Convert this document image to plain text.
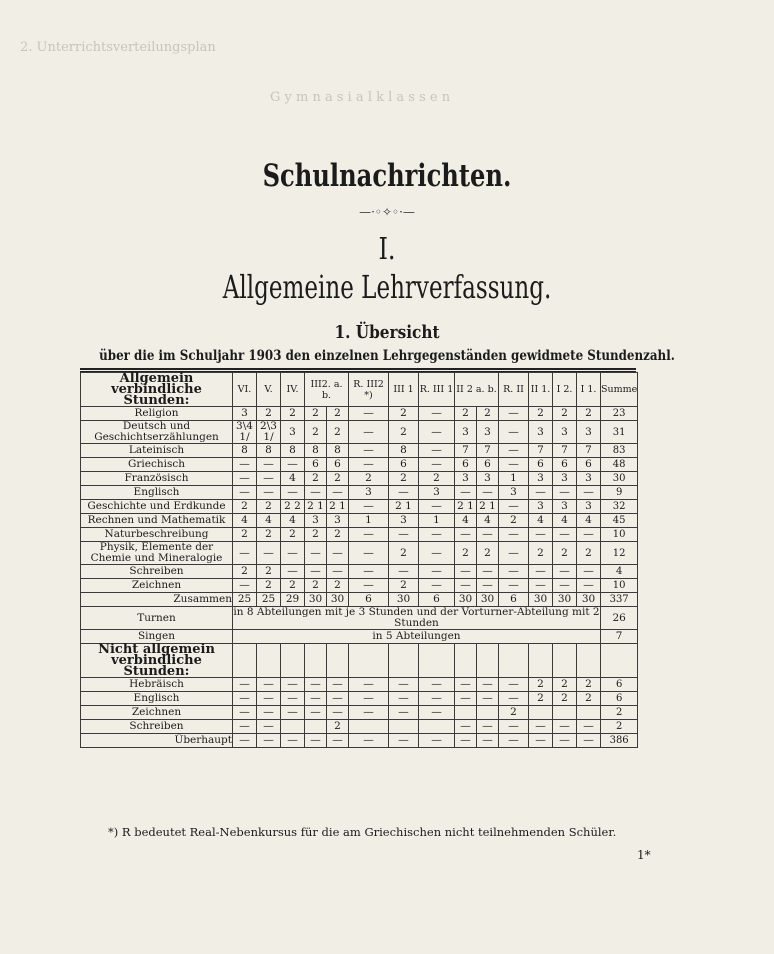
2. Unterrichtsverteilungsplan
G y m n a s i a l k l a s s e n
Schulnachrichten.
—·◦✧◦·—
I.
Allgemeine Lehrverfassung.
1. Übersicht
über die im Schuljahr 1903 den einzelnen Lehrgegenständen gewidmete Stundenzahl.
Allgemein verbindliche Stunden:	VI.	V.	IV.	III2. a. b.		R. III2 *)	III 1	R. III 1	II 2 a. b.		R. II	II 1.	I 2.	I 1.	Summe
Religion	3	2	2	2	2	—	2	—	2	2	—	2	2	2	23
Deutsch und Geschichtserzählungen	3\4 1/	2\3 1/	3	2	2	—	2	—	3	3	—	3	3	3	31
Lateinisch	8	8	8	8	8	—	8	—	7	7	—	7	7	7	83
Griechisch	—	—	—	6	6	—	6	—	6	6	—	6	6	6	48
Französisch	—	—	4	2	2	2	2	2	3	3	1	3	3	3	30
Englisch	—	—	—	—	—	3	—	3	—	—	3	—	—	—	9
Geschichte und Erdkunde	2	2	2 2	2 1	2 1	—	2 1	—	2 1	2 1	—	3	3	3	32
Rechnen und Mathematik	4	4	4	3	3	1	3	1	4	4	2	4	4	4	45
Naturbeschreibung	2	2	2	2	2	—	—	—	—	—	—	—	—	—	10
Physik, Elemente der Chemie und Mineralogie	—	—	—	—	—	—	2	—	2	2	—	2	2	2	12
Schreiben	2	2	—	—	—	—	—	—	—	—	—	—	—	—	4
Zeichnen	—	2	2	2	2	—	2	—	—	—	—	—	—	—	10
Zusammen	25	25	29	30	30	6	30	6	30	30	6	30	30	30	337
Turnen	in 8 Abteilungen mit je 3 Stunden und der Vorturner-Abteilung mit 2 Stunden														26
Singen	in 5 Abteilungen														7
Nicht allgemein verbindliche Stunden:															
Hebräisch	—	—	—	—	—	—	—	—	—	—	—	2	2	2	6
Englisch	—	—	—	—	—	—	—	—	—	—	—	2	2	2	6
Zeichnen	—	—	—	—	—	—	—	—			2				2
Schreiben	—	—			2				—	—	—	—	—	—	2
Überhaupt	—	—	—	—	—	—	—	—	—	—	—	—	—	—	386
*) R bedeutet Real-Nebenkursus für die am Griechischen nicht teilnehmenden Schüler.
1*
